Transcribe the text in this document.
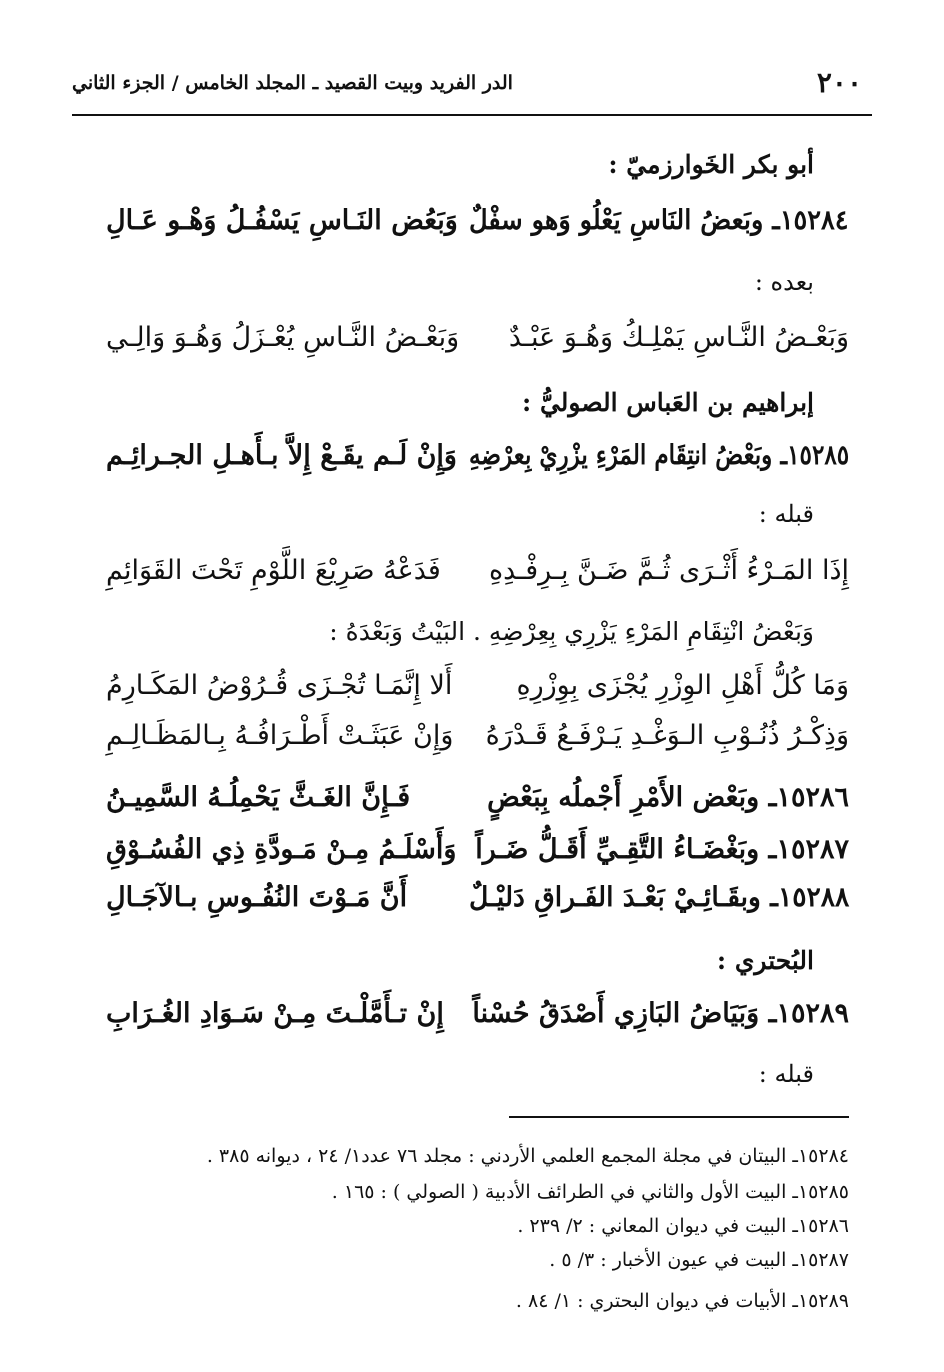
٢٠٠
الدر الفريد وبيت القصيد ـ المجلد الخامس / الجزء الثاني
أبو بكر الخَوارزميّ :
١٥٢٨٤ـ وبَعضُ النَاسِ يَعْلُو وَهو سفْلٌ
وَبَعُض النَـاسِ يَسْفُـلُ وَهْـو عَـالِ
بعده :
وَبَعْـضُ النَّـاسِ يَمْلِـكُ وَهُـوَ عَبْـدٌ
وَبَعْـضُ النَّـاسِ يُعْـزَلُ وَهُـوَ وَالِـي
إبراهيم بن العَباس الصوليُّ :
١٥٢٨٥ـ وبَعْضُ انتِقَام المَرْءِ يزْرِيْ بِعرْضِهِ
وَإِنْ لَـم يقَـعْ إِلاَّ بـأَهـلِ الجـرائِـم
قبله :
إِذَا المَـرْءُ أَثْـرَى ثُـمَّ ضَـنَّ بِـرِفْـدِهِ
فَدَعْهُ صَرِيْعَ اللَّوْمِ تَحْتَ القَوَائِمِ
وَبَعْضُ انْتِقَامِ المَرْءِ يَزْرِي بِعِرْضِهِ . البَيْتُ وَبَعْدَهُ :
وَمَا كُلُّ أَهْلِ الوِزْرِ يُجْزَى بِوِزْرِهِ
أَلا إِنَّمَـا تُجْـزَى قُـرُوْضُ المَكَـارِمُ
وَذِكْـرُ ذُنُـوْبِ الـوَغْـدِ يَـرْفَـعُ قَـدْرَهُ
وَإِنْ عَبَثَـتْ أَطْـرَافُـهُ بِـالمَظَـالِـمِ
١٥٢٨٦ـ وبَعْض الأَمْرِ أَجْملُه بِبَعْضٍ
فَـإِنَّ الغَـثَّ يَحْمِلُـهُ السَّمِيـنُ
١٥٢٨٧ـ وبَغْضَـاءُ التَّقِـيِّ أَقَـلُّ ضَـراً
وَأَسْلَـمُ مِـنْ مَـودَّةِ ذِي الفُسُـوْقِ
١٥٢٨٨ـ وبقَـائِـيْ بَعْـدَ الفَـراقِ دَليْـلٌ
أَنَّ مَـوْتَ النُفُـوسِ بـالآجَـالِ
البُحتري :
١٥٢٨٩ـ وَبَيَاضُ البَازِي أَصْدَقُ حُسْناً
إِنْ تـأَمَّلْـتَ مِـنْ سَـوَادِ الغُـرَابِ
قبله :
١٥٢٨٤ـ البيتان في مجلة المجمع العلمي الأردني : مجلد ٧٦ عدد١/ ٢٤ ، ديوانه ٣٨٥ .
١٥٢٨٥ـ البيت الأول والثاني في الطرائف الأدبية ( الصولي ) : ١٦٥ .
١٥٢٨٦ـ البيت في ديوان المعاني : ٢/ ٢٣٩ .
١٥٢٨٧ـ البيت في عيون الأخبار : ٣/ ٥ .
١٥٢٨٩ـ الأبيات في ديوان البحتري : ١/ ٨٤ .
